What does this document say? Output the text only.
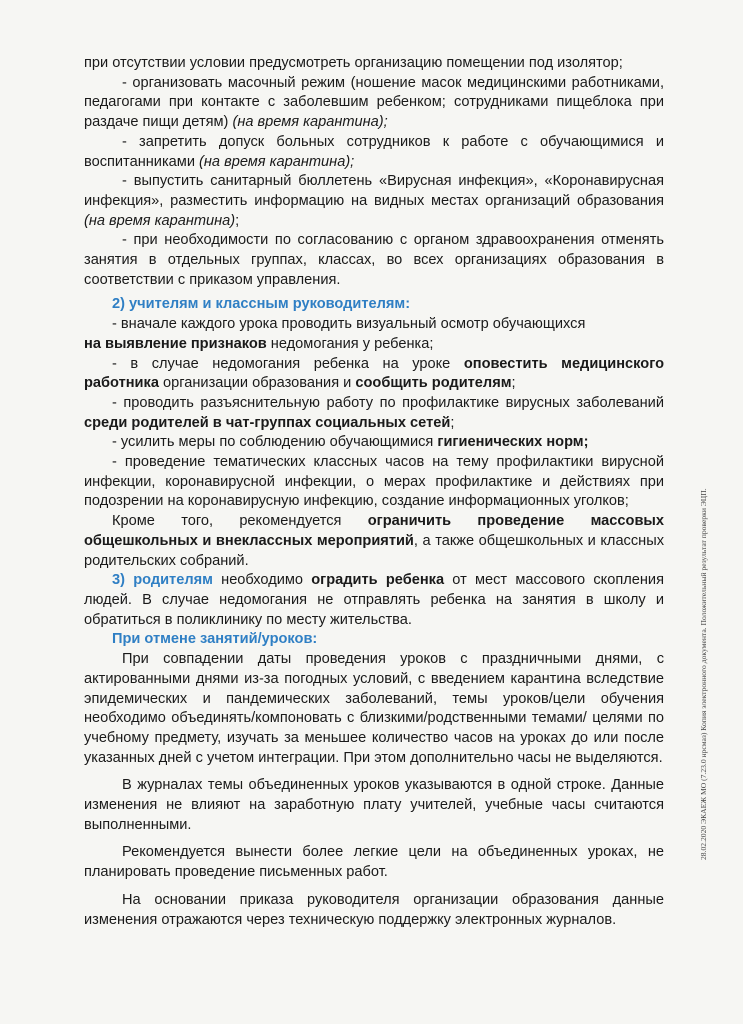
при отсутствии условии предусмотреть организацию помещении под изолятор;

- организовать масочный режим (ношение масок медицинскими работниками, педагогами при контакте с заболевшим ребенком; сотрудниками пищеблока при раздаче пищи детям) (на время карантина);

- запретить допуск больных сотрудников к работе с обучающимися и воспитанниками (на время карантина);

- выпустить санитарный бюллетень «Вирусная инфекция», «Коронавирусная инфекция», разместить информацию на видных местах организаций образования (на время карантина);

- при необходимости по согласованию с органом здравоохранения отменять занятия в отдельных группах, классах, во всех организациях образования в соответствии с приказом управления.

2) учителям и классным руководителям:

- вначале каждого урока проводить визуальный осмотр обучающихся

на выявление признаков недомогания у ребенка;

- в случае недомогания ребенка на уроке оповестить медицинского работника организации образования и сообщить родителям;

- проводить разъяснительную работу по профилактике вирусных заболеваний среди родителей в чат-группах социальных сетей;

- усилить меры по соблюдению обучающимися гигиенических норм;

- проведение тематических классных часов на тему профилактики вирусной инфекции, коронавирусной инфекции, о мерах профилактике и действиях при подозрении на коронавирусную инфекцию, создание информационных уголков;

Кроме того, рекомендуется ограничить проведение массовых общешкольных и внеклассных мероприятий, а также общешкольных и классных родительских собраний.

3) родителям необходимо оградить ребенка от мест массового скопления людей. В случае недомогания не отправлять ребенка на занятия в школу и обратиться в поликлинику по месту жительства.

При отмене занятий/уроков:

При совпадении даты проведения уроков с праздничными днями, с актированными днями из-за погодных условий, с введением карантина вследствие эпидемических и пандемических заболеваний, темы уроков/цели обучения необходимо объединять/компоновать с близкими/родственными темами/ целями по учебному предмету, изучать за меньшее количество часов на уроках до или после указанных дней с учетом интеграции. При этом дополнительно часы не выделяются.

В журналах темы объединенных уроков указываются в одной строке. Данные изменения не влияют на заработную плату учителей, учебные часы считаются выполненными.

Рекомендуется вынести более легкие цели на объединенных уроках, не планировать проведение письменных работ.

На основании приказа руководителя организации образования данные изменения отражаются через техническую поддержку электронных журналов.

28.02.2020 ЭКАЕЖ МО (7.23.0 нрсмаз) Копия электронного документа. Положительный результат проверки ЭЦП.
